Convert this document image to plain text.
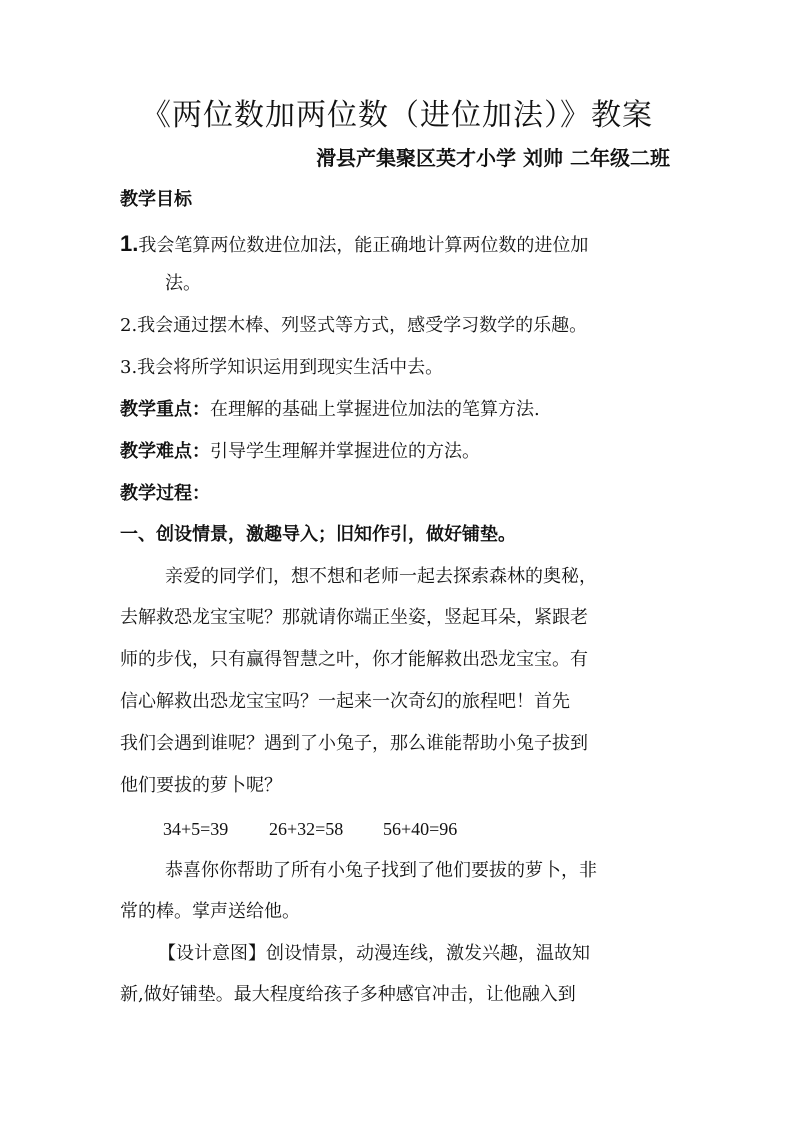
《两位数加两位数（进位加法）》教案
滑县产集聚区英才小学 刘帅 二年级二班
教学目标
1.我会笔算两位数进位加法，能正确地计算两位数的进位加
法。
2.我会通过摆木棒、列竖式等方式，感受学习数学的乐趣。
3.我会将所学知识运用到现实生活中去。
教学重点：在理解的基础上掌握进位加法的笔算方法.
教学难点：引导学生理解并掌握进位的方法。
教学过程：
一、创设情景，激趣导入；旧知作引，做好铺垫。
亲爱的同学们，想不想和老师一起去探索森林的奥秘，
去解救恐龙宝宝呢？那就请你端正坐姿，竖起耳朵，紧跟老
师的步伐，只有赢得智慧之叶，你才能解救出恐龙宝宝。有
信心解救出恐龙宝宝吗？一起来一次奇幻的旅程吧！首先
我们会遇到谁呢？遇到了小兔子，那么谁能帮助小兔子拔到
他们要拔的萝卜呢？
34+5=39 26+32=58 56+40=96
恭喜你你帮助了所有小兔子找到了他们要拔的萝卜，非
常的棒。掌声送给他。
【设计意图】创设情景，动漫连线，激发兴趣，温故知
新,做好铺垫。最大程度给孩子多种感官冲击，让他融入到
